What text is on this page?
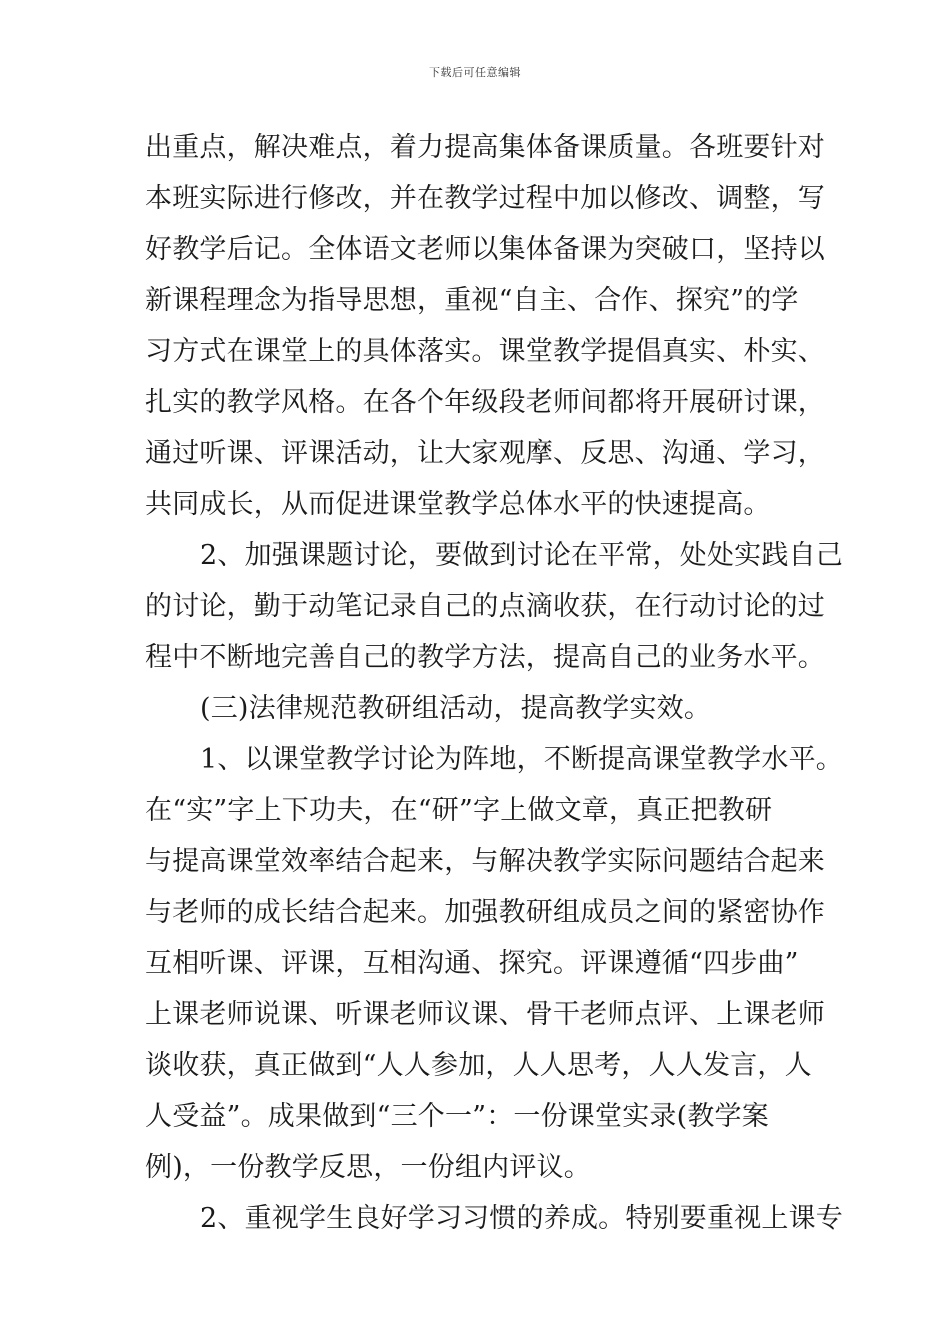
下载后可任意编辑
出重点，解决难点，着力提高集体备课质量。各班要针对
本班实际进行修改，并在教学过程中加以修改、调整，写
好教学后记。全体语文老师以集体备课为突破口，坚持以
新课程理念为指导思想，重视“自主、合作、探究”的学
习方式在课堂上的具体落实。课堂教学提倡真实、朴实、
扎实的教学风格。在各个年级段老师间都将开展研讨课，
通过听课、评课活动，让大家观摩、反思、沟通、学习，
共同成长，从而促进课堂教学总体水平的快速提高。
2、加强课题讨论，要做到讨论在平常，处处实践自己
的讨论，勤于动笔记录自己的点滴收获，在行动讨论的过
程中不断地完善自己的教学方法，提高自己的业务水平。
(三)法律规范教研组活动，提高教学实效。
1、以课堂教学讨论为阵地，不断提高课堂教学水平。
在“实”字上下功夫，在“研”字上做文章，真正把教研
与提高课堂效率结合起来，与解决教学实际问题结合起来
与老师的成长结合起来。加强教研组成员之间的紧密协作
互相听课、评课，互相沟通、探究。评课遵循“四步曲”
上课老师说课、听课老师议课、骨干老师点评、上课老师
谈收获，真正做到“人人参加，人人思考，人人发言，人
人受益”。成果做到“三个一”：一份课堂实录(教学案
例)，一份教学反思，一份组内评议。
2、重视学生良好学习习惯的养成。特别要重视上课专
